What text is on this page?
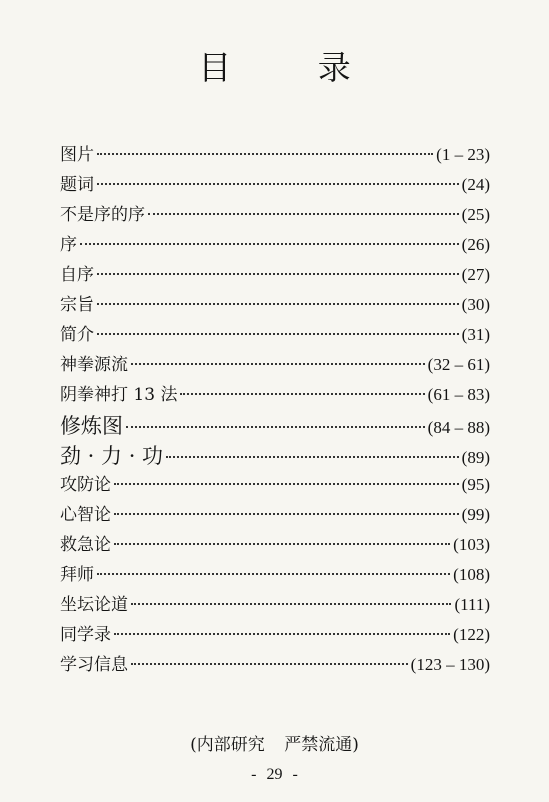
目 录
图片	(1 – 23)
题词	(24)
不是序的序	(25)
序	(26)
自序	(27)
宗旨	(30)
简介	(31)
神拳源流	(32 – 61)
阴拳神打 13 法	(61 – 83)
修炼图	(84 – 88)
劲 · 力 · 功	(89)
攻防论	(95)
心智论	(99)
救急论	(103)
拜师	(108)
坐坛论道	(111)
同学录	(122)
学习信息	(123 – 130)
(内部研究 严禁流通)
- 29 -
